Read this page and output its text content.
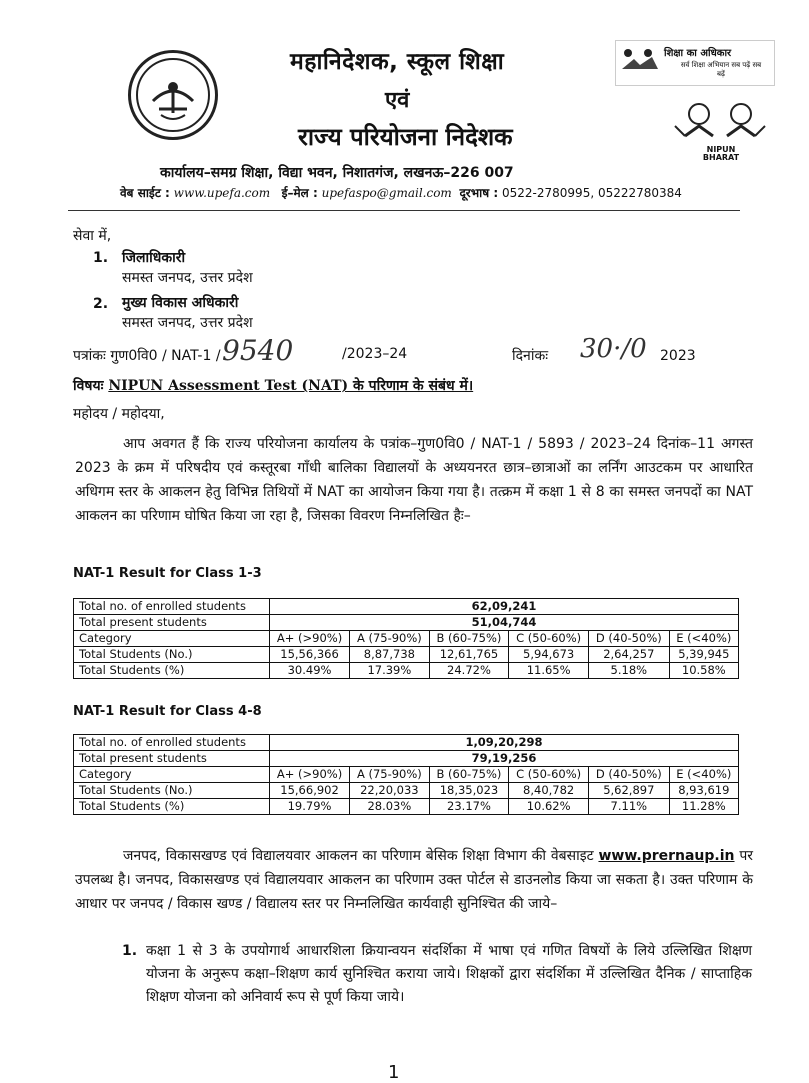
महानिदेशक, स्कूल शिक्षा
एवं
राज्य परियोजना निदेशक
कार्यालय–समग्र शिक्षा, विद्या भवन, निशातगंज, लखनऊ–226 007
वेब साईट : www.upefa.com ई–मेल : upefaspo@gmail.com दूरभाष : 0522-2780995, 05222780384
शिक्षा का अधिकार
सर्व शिक्षा अभियान सब पढ़ें सब बढ़ें
NIPUN BHARAT
सेवा में,
1. जिलाधिकारी
समस्त जनपद, उत्तर प्रदेश
2. मुख्य विकास अधिकारी
समस्त जनपद, उत्तर प्रदेश
पत्रांकः गुण0वि0 / NAT-1 / 9540	/2023–24	दिनांकः 30·/0 2023
विषयः NIPUN Assessment Test (NAT) के परिणाम के संबंध में।
महोदय / महोदया,
आप अवगत हैं कि राज्य परियोजना कार्यालय के पत्रांक–गुण0वि0 / NAT-1 / 5893 / 2023–24 दिनांक–11 अगस्त 2023 के क्रम में परिषदीय एवं कस्तूरबा गाँधी बालिका विद्यालयों के अध्ययनरत छात्र–छात्राओं का लर्निंग आउटकम पर आधारित अधिगम स्तर के आकलन हेतु विभिन्न तिथियों में NAT का आयोजन किया गया है। तत्क्रम में कक्षा 1 से 8 का समस्त जनपदों का NAT आकलन का परिणाम घोषित किया जा रहा है, जिसका विवरण निम्नलिखित हैः–
NAT-1 Result for Class 1-3
Total no. of enrolled students	62,09,241					
Total present students	51,04,744					
Category	A+ (>90%)	A (75-90%)	B (60-75%)	C (50-60%)	D (40-50%)	E (<40%)
Total Students (No.)	15,56,366	8,87,738	12,61,765	5,94,673	2,64,257	5,39,945
Total Students (%)	30.49%	17.39%	24.72%	11.65%	5.18%	10.58%
NAT-1 Result for Class 4-8
Total no. of enrolled students	1,09,20,298					
Total present students	79,19,256					
Category	A+ (>90%)	A (75-90%)	B (60-75%)	C (50-60%)	D (40-50%)	E (<40%)
Total Students (No.)	15,66,902	22,20,033	18,35,023	8,40,782	5,62,897	8,93,619
Total Students (%)	19.79%	28.03%	23.17%	10.62%	7.11%	11.28%
जनपद, विकासखण्ड एवं विद्यालयवार आकलन का परिणाम बेसिक शिक्षा विभाग की वेबसाइट www.prernaup.in पर उपलब्ध है। जनपद, विकासखण्ड एवं विद्यालयवार आकलन का परिणाम उक्त पोर्टल से डाउनलोड किया जा सकता है। उक्त परिणाम के आधार पर जनपद / विकास खण्ड / विद्यालय स्तर पर निम्नलिखित कार्यवाही सुनिश्चित की जाये–
1. कक्षा 1 से 3 के उपयोगार्थ आधारशिला क्रियान्वयन संदर्शिका में भाषा एवं गणित विषयों के लिये उल्लिखित शिक्षण योजना के अनुरूप कक्षा–शिक्षण कार्य सुनिश्चित कराया जाये। शिक्षकों द्वारा संदर्शिका में उल्लिखित दैनिक / साप्ताहिक शिक्षण योजना को अनिवार्य रूप से पूर्ण किया जाये।
1
